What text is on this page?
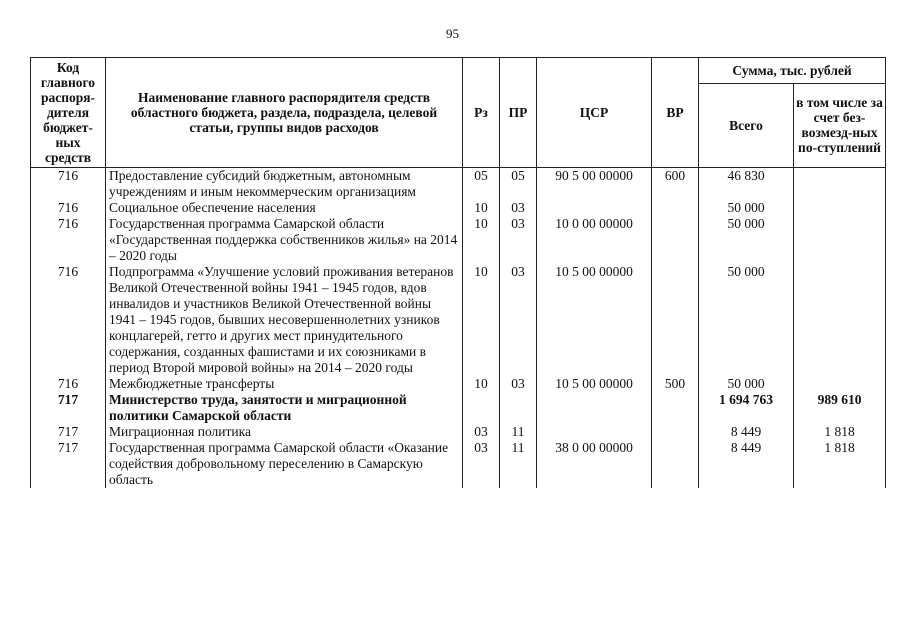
95
Код главного распоря-дителя бюджет-ных средств	Наименование главного распорядителя средств областного бюджета, раздела, подраздела, целевой статьи, группы видов расходов	Рз	ПР	ЦСР	ВР	Сумма, тыс. рублей	
						Всего	в том числе за счет без-возмезд-ных по-ступлений
716	Предоставление субсидий бюджетным, автономным учреждениям и иным некоммерческим организациям	05	05	90 5 00 00000	600	46 830	
716	Социальное обеспечение населения	10	03			50 000	
716	Государственная программа Самарской области «Государственная поддержка собственников жилья» на 2014 – 2020 годы	10	03	10 0 00 00000		50 000	
716	Подпрограмма «Улучшение условий проживания ветеранов Великой Отечественной войны 1941 – 1945 годов, вдов инвалидов и участников Великой Отечественной войны 1941 – 1945 годов, бывших несовершеннолетних узников концлагерей, гетто и других мест принудительного содержания, созданных фашистами и их союзниками в период Второй мировой войны» на 2014 – 2020 годы	10	03	10 5 00 00000		50 000	
716	Межбюджетные трансферты	10	03	10 5 00 00000	500	50 000	
717	Министерство труда, занятости и миграционной политики Самарской области					1 694 763	989 610
717	Миграционная политика	03	11			8 449	1 818
717	Государственная программа Самарской области «Оказание содействия добровольному переселению в Самарскую область	03	11	38 0 00 00000		8 449	1 818
